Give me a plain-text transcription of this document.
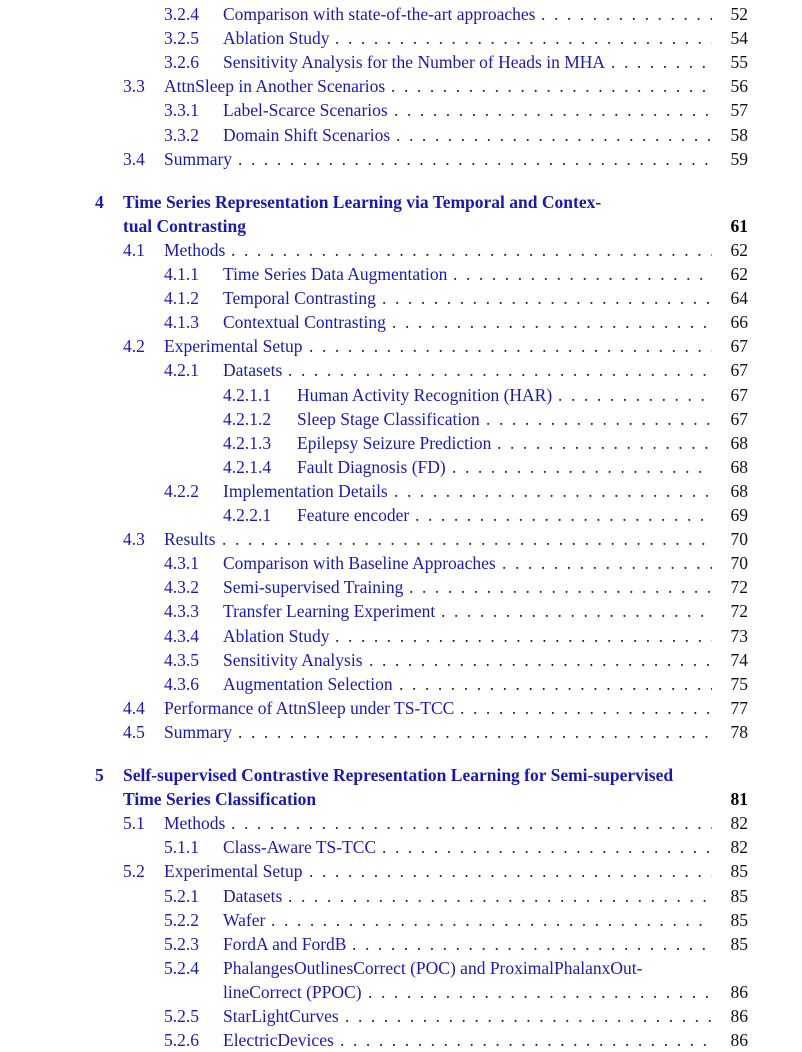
3.2.4 Comparison with state-of-the-art approaches	52
. . .
3.2.5 Ablation Study	54
. . .
3.2.6 Sensitivity Analysis for the Number of Heads in MHA	55
. . .
3.3 AttnSleep in Another Scenarios	56
. . .
3.3.1 Label-Scarce Scenarios	57
. . .
3.3.2 Domain Shift Scenarios	58
. . .
3.4 Summary	59
. . .
4 Time Series Representation Learning via Temporal and Contex-
tual Contrasting	61
4.1 Methods	62
. . .
4.1.1 Time Series Data Augmentation	62
. . .
4.1.2 Temporal Contrasting	64
. . .
4.1.3 Contextual Contrasting	66
. . .
4.2 Experimental Setup	67
. . .
4.2.1 Datasets	67
. . .
4.2.1.1 Human Activity Recognition (HAR)	67
. . .
4.2.1.2 Sleep Stage Classification	67
. . .
4.2.1.3 Epilepsy Seizure Prediction	68
. . .
4.2.1.4 Fault Diagnosis (FD)	68
. . .
4.2.2 Implementation Details	68
. . .
4.2.2.1 Feature encoder	69
. . .
4.3 Results	70
. . .
4.3.1 Comparison with Baseline Approaches	70
. . .
4.3.2 Semi-supervised Training	72
. . .
4.3.3 Transfer Learning Experiment	72
. . .
4.3.4 Ablation Study	73
. . .
4.3.5 Sensitivity Analysis	74
. . .
4.3.6 Augmentation Selection	75
. . .
4.4 Performance of AttnSleep under TS-TCC	77
. . .
4.5 Summary	78
. . .
5 Self-supervised Contrastive Representation Learning for Semi-supervised
Time Series Classification	81
5.1 Methods	82
. . .
5.1.1 Class-Aware TS-TCC	82
. . .
5.2 Experimental Setup	85
. . .
5.2.1 Datasets	85
. . .
5.2.2 Wafer	85
. . .
5.2.3 FordA and FordB	85
. . .
5.2.4 PhalangesOutlinesCorrect (POC) and ProximalPhalanxOut-
lineCorrect (PPOC)	86
. . .
5.2.5 StarLightCurves	86
. . .
5.2.6 ElectricDevices	86
. . .
